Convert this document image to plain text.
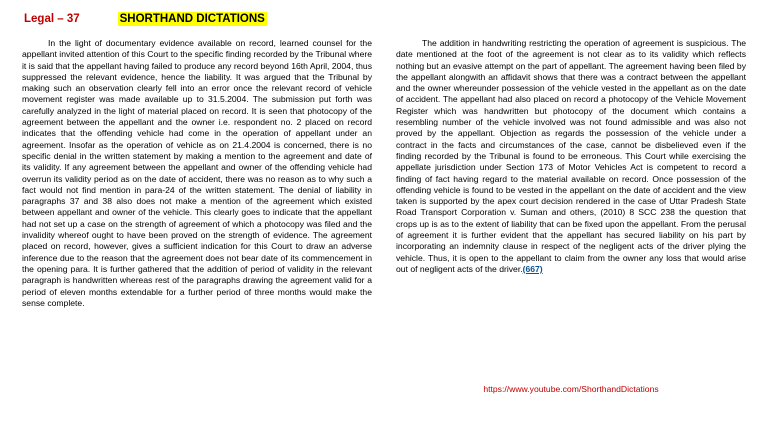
Legal – 37	SHORTHAND DICTATIONS

In the light of documentary evidence available on record, learned counsel for the appellant invited attention of this Court to the specific finding recorded by the Tribunal where it is said that the appellant having failed to produce any record beyond 16th April, 2004, thus suppressed the relevant evidence, hence the liability. It was argued that the Tribunal by making such an observation clearly fell into an error once the relevant record of vehicle movement register was made available up to 31.5.2004. The submission put forth was carefully analyzed in the light of material placed on record. It is seen that photocopy of the agreement between the appellant and the owner i.e. respondent no. 2 placed on record indicates that the offending vehicle had come in the operation of appellant under an agreement. Insofar as the operation of vehicle as on 21.4.2004 is concerned, there is no specific denial in the written statement by making a mention to the agreement and date of its validity. If any agreement between the appellant and owner of the offending vehicle had overrun its validity period as on the date of accident, there was no reason as to why such a fact would not find mention in para-24 of the written statement. The denial of liability in paragraphs 37 and 38 also does not make a mention of the agreement which existed between appellant and owner of the vehicle. This clearly goes to indicate that the appellant had not set up a case on the strength of agreement of which a photocopy was filed and the invalidity whereof ought to have been proved on the strength of evidence. The agreement placed on record, however, gives a sufficient indication for this Court to draw an adverse inference due to the reason that the agreement does not bear date of its commencement in the opening para. It is further gathered that the addition of period of validity in the relevant paragraph is handwritten whereas rest of the paragraphs drawing the agreement valid for a period of eleven months extendable for a further period of three months would make the sense complete.

The addition in handwriting restricting the operation of agreement is suspicious. The date mentioned at the foot of the agreement is not clear as to its validity which reflects nothing but an evasive attempt on the part of appellant. The agreement having been filed by the appellant alongwith an affidavit shows that there was a contract between the appellant and the owner whereunder possession of the vehicle vested in the appellant as on the date of accident. The appellant had also placed on record a photocopy of the Vehicle Movement Register which was handwritten but photocopy of the document which contains a resembling number of the vehicle involved was not found admissible and was also not proved by the appellant. Objection as regards the possession of the vehicle under a contract in the facts and circumstances of the case, cannot be disbelieved even if the finding recorded by the Tribunal is found to be erroneous. This Court while exercising the appellate jurisdiction under Section 173 of Motor Vehicles Act is competent to record a finding of fact having regard to the material available on record. Once possession of the offending vehicle is found to be vested in the appellant on the date of accident and the view taken is supported by the apex court decision rendered in the case of Uttar Pradesh State Road Transport Corporation v. Suman and others, (2010) 8 SCC 238 the question that crops up is as to the extent of liability that can be fixed upon the appellant. From the perusal of agreement it is further evident that the appellant has secured liability on his part by incorporating an indemnity clause in respect of the negligent acts of the driver plying the vehicle. Thus, it is open to the appellant to claim from the owner any loss that would arise out of negligent acts of the driver.(667)

https://www.youtube.com/ShorthandDictations
